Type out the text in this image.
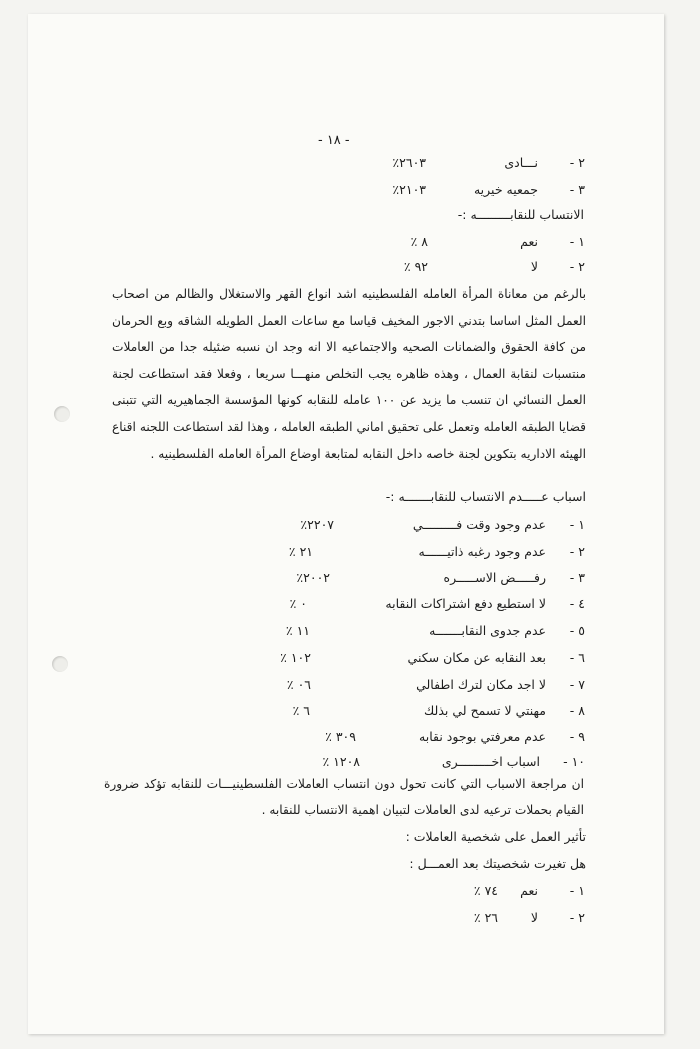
- ١٨ -
٢ -
نـــادى
٢٦٠٣٪
٣ -
جمعيه خيريه
٢١٠٣٪
الانتساب للنقابـــــــــه :-
١ -
نعم
٨ ٪
٢ -
لا
٩٢ ٪
بالرغم من معاناة المرأة العامله الفلسطينيه اشد انواع القهر والاستغلال والظالم من اصحاب العمل المثل اساسا بتدني الاجور المخيف قياسا مع ساعات العمل الطويله الشاقه وبع الحرمان من كافة الحقوق والضمانات الصحيه والاجتماعيه الا انه وجد ان نسبه ضئيله جدا من العاملات منتسبات لنقابة العمال ، وهذه ظاهره يجب التخلص منهـــا سريعا ، وفعلا فقد استطاعت لجنة العمل النسائي ان تنسب ما يزيد عن ١٠٠ عامله للنقابه كونها المؤسسة الجماهيريه التي تتبنى قضايا الطبقه العامله وتعمل على تحقيق اماني الطبقه العامله ، وهذا لقد استطاعت اللجنه اقناع الهيئه الاداريه بتكوين لجنة خاصه داخل النقابه لمتابعة اوضاع المرأة العامله الفلسطينيه .
اسباب عـــــدم الانتساب للنقابـــــــه :-
١ -
عدم وجود وقت فـــــــــي
٢٢٠٧٪
٢ -
عدم وجود رغبه ذاتيــــــه
٢١ ٪
٣ -
رفـــــض الاســـــره
٢٠٠٢٪
٤ -
لا استطيع دفع اشتراكات النقابه
٠ ٪
٥ -
عدم جدوى النقابـــــــه
١١ ٪
٦ -
بعد النقابه عن مكان سكني
١٠٢ ٪
٧ -
لا اجد مكان لترك اطفالي
٠٦ ٪
٨ -
مهنتي لا تسمح لي بذلك
٦ ٪
٩ -
عدم معرفتي بوجود نقابه
٣٠٩ ٪
١٠ -
اسباب اخـــــــــرى
١٢٠٨ ٪
ان مراجعة الاسباب التي كانت تحول دون انتساب العاملات الفلسطينيـــات للنقابه تؤكد ضرورة القيام بحملات ترعيه لدى العاملات لتبيان اهمية الانتساب للنقابه .
تأثير العمل على شخصية العاملات :
هل تغيرت شخصيتك بعد العمـــل :
١ -
نعم
٧٤ ٪
٢ -
لا
٢٦ ٪
